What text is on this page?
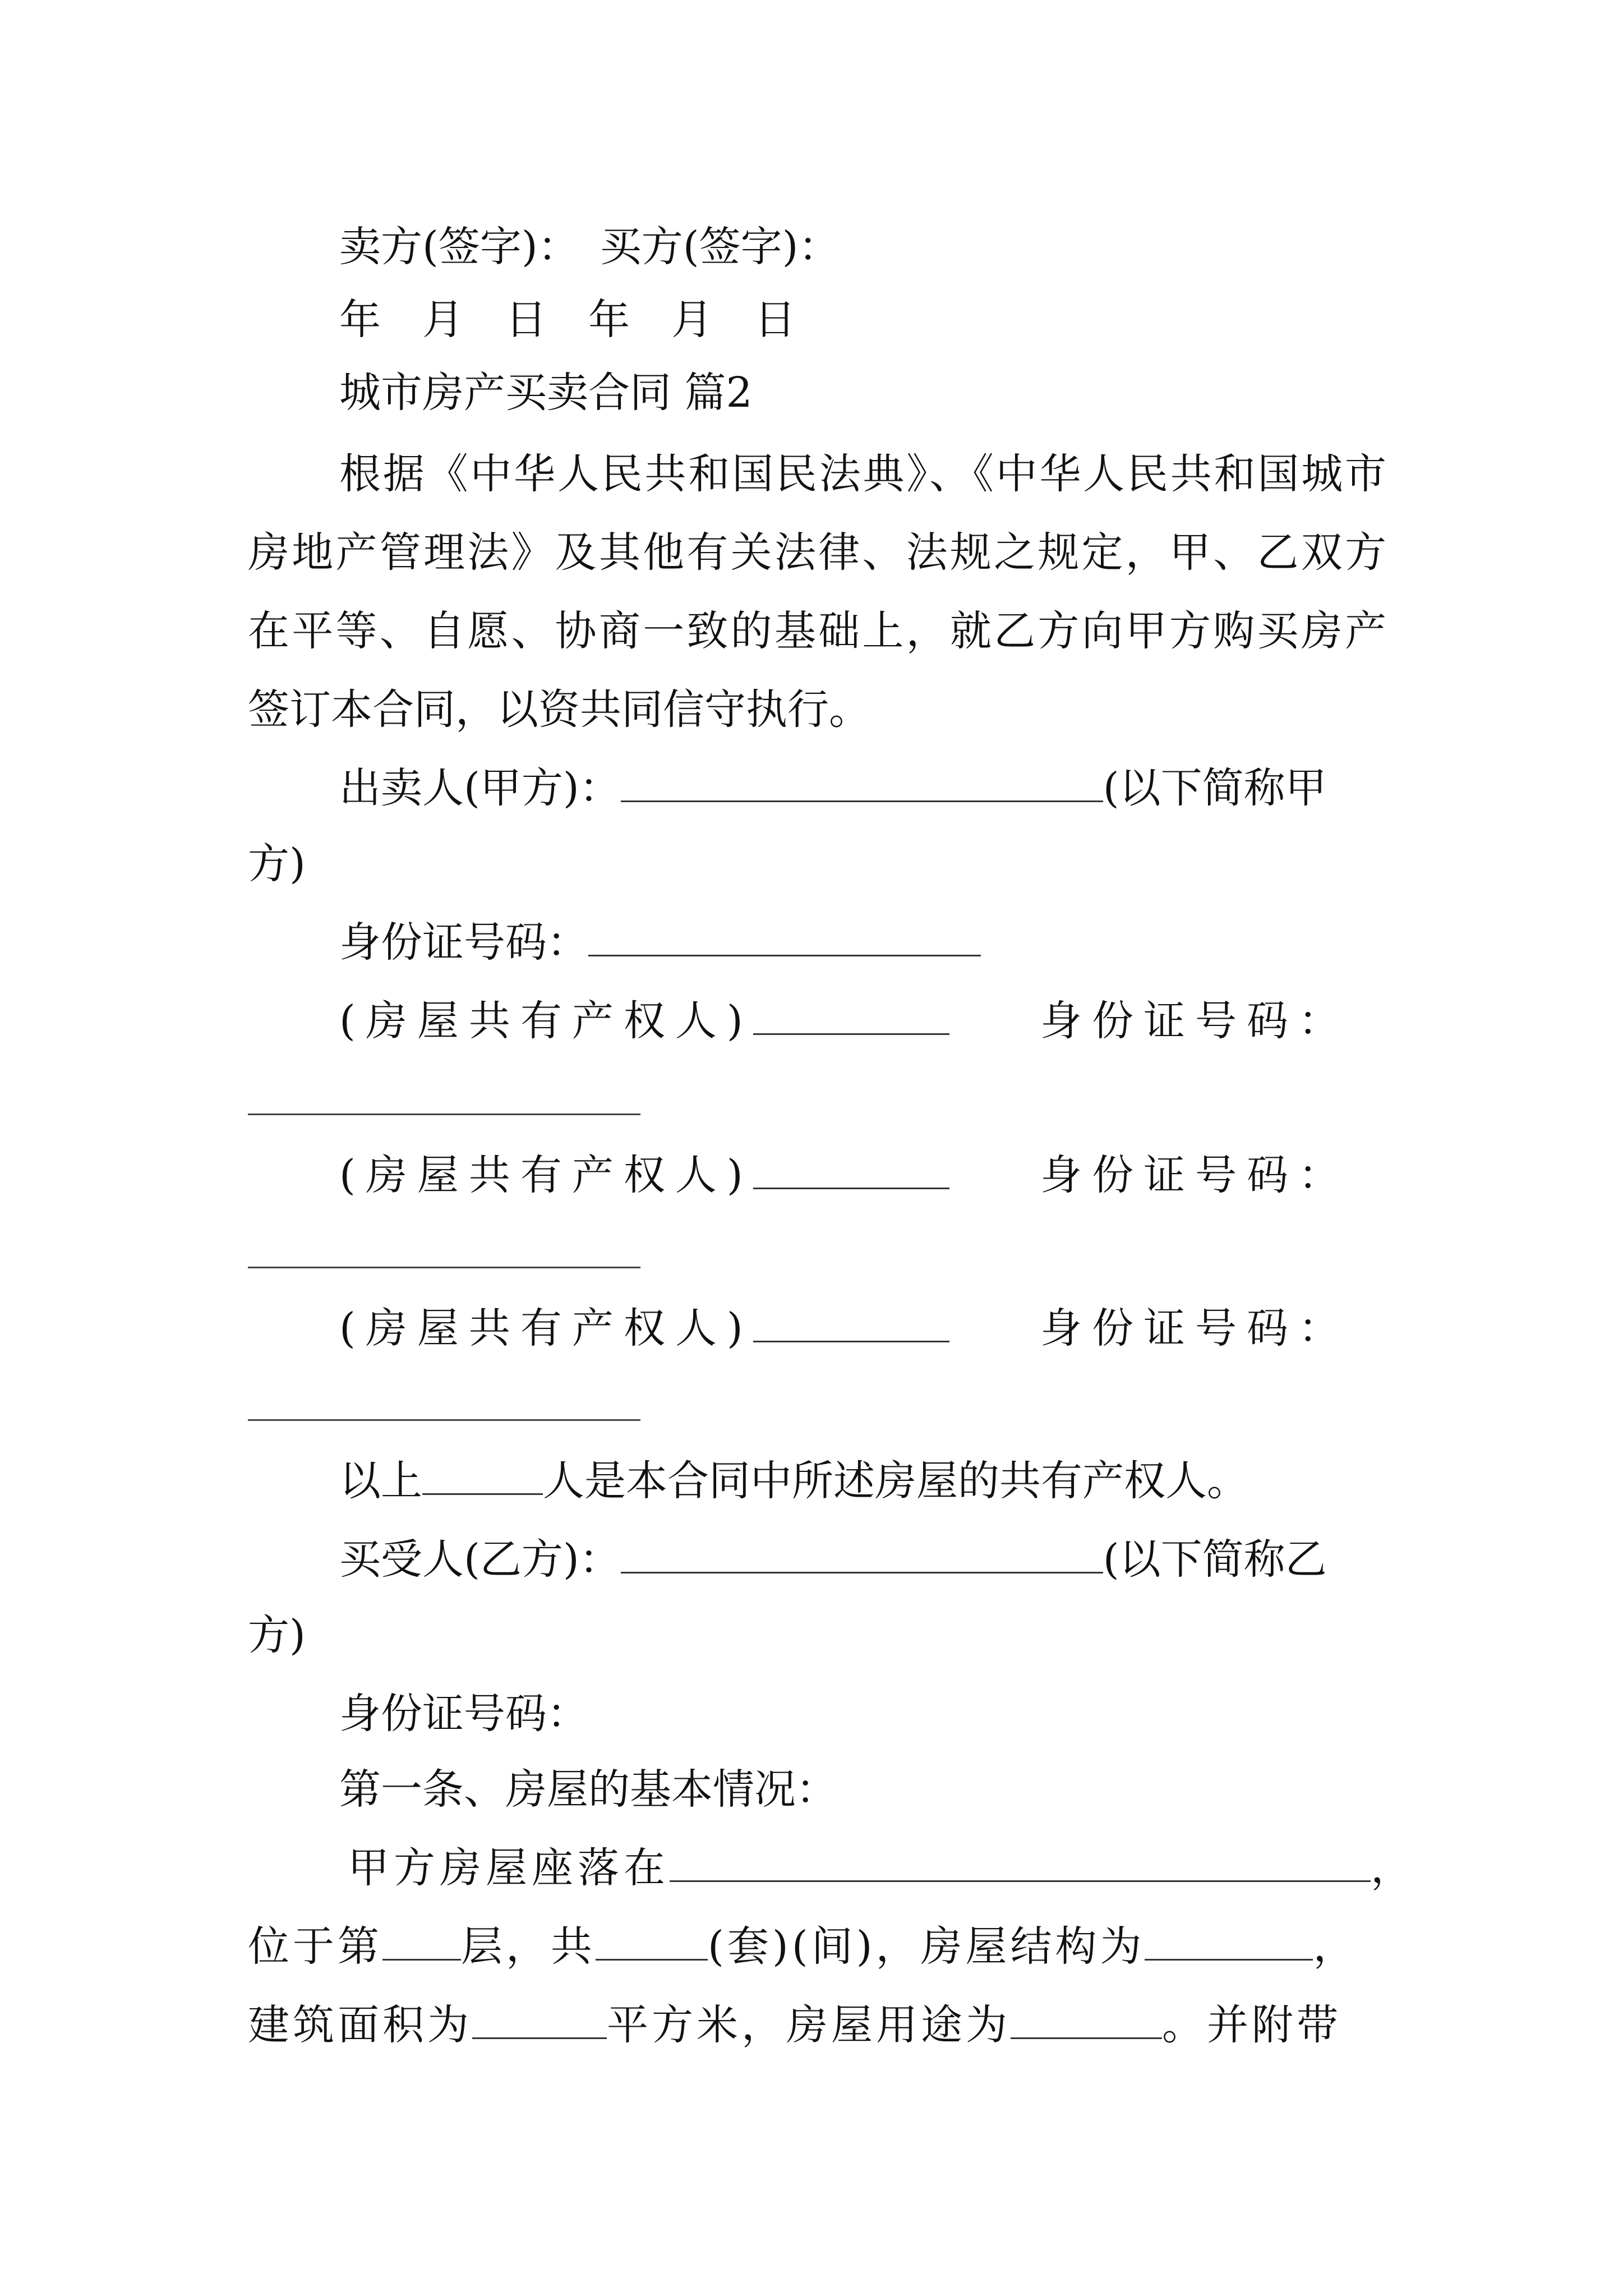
卖方(签字)：　买方(签字)：
年　月　日　年　月　日
城市房产买卖合同 篇2
根据《中华人民共和国民法典》、《中华人民共和国城市
房地产管理法》及其他有关法律、法规之规定，甲、乙双方
在平等、自愿、协商一致的基础上，就乙方向甲方购买房产
签订本合同，以资共同信守执行。
出卖人(甲方)：	(以下简称甲
方)
身份证号码：
(房屋共有产权人)	身份证号码：
(房屋共有产权人)	身份证号码：
(房屋共有产权人)	身份证号码：
以上	人是本合同中所述房屋的共有产权人。
买受人(乙方)：	(以下简称乙
方)
身份证号码：
第一条、房屋的基本情况：
甲方房屋座落在	，
位于第 层，共	(套)(间)，房屋结构为	，
建筑面积为	平方米，房屋用途为	。并附带
